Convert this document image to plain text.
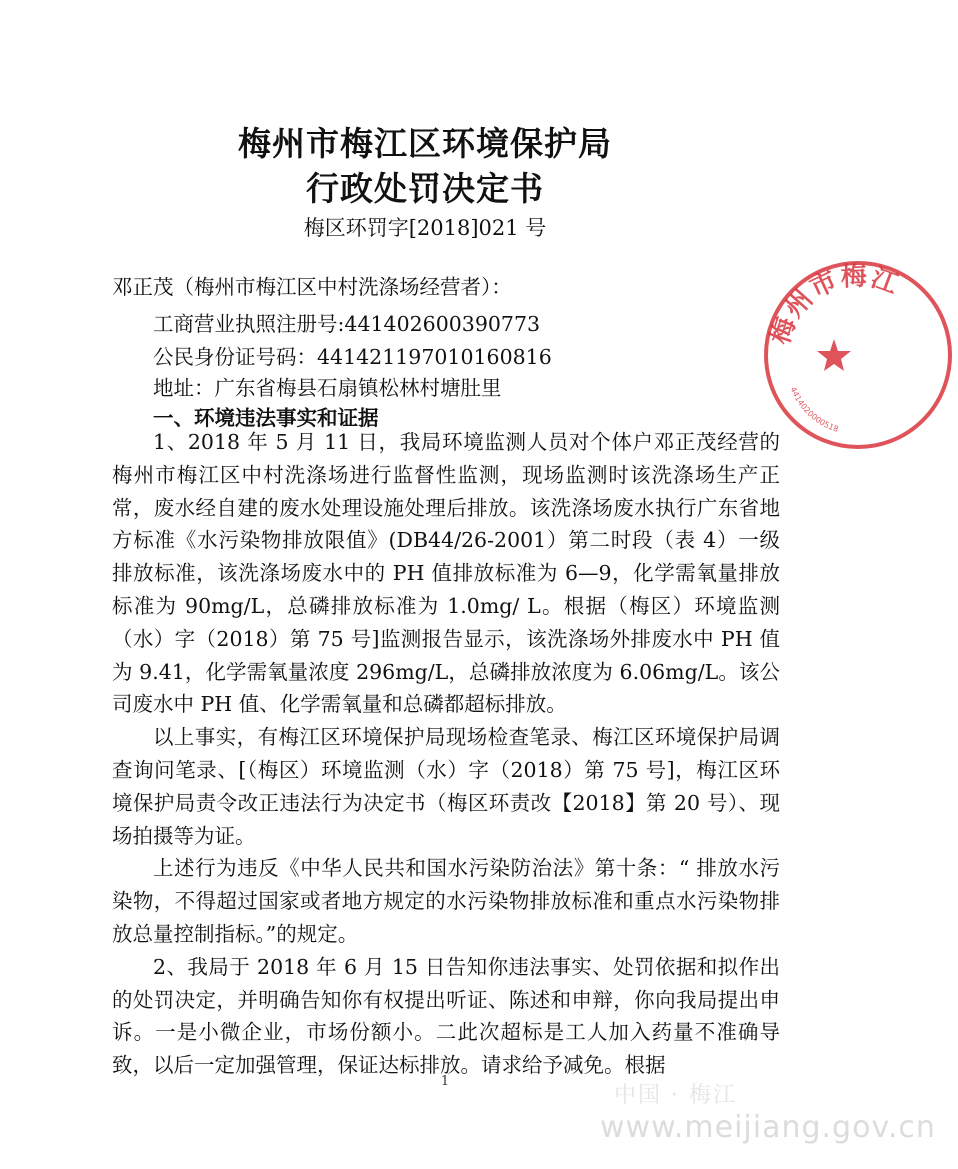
梅州市梅江区环境保护局
行政处罚决定书
梅区环罚字[2018]021 号
邓正茂（梅州市梅江区中村洗涤场经营者）：
工商营业执照注册号:441402600390773
公民身份证号码：441421197010160816
地址：广东省梅县石扇镇松林村塘肚里
一、环境违法事实和证据

1、2018 年 5 月 11 日，我局环境监测人员对个体户邓正茂经营的梅州市梅江区中村洗涤场进行监督性监测，现场监测时该洗涤场生产正常，废水经自建的废水处理设施处理后排放。该洗涤场废水执行广东省地方标准《水污染物排放限值》(DB44/26-2001）第二时段（表 4）一级排放标准，该洗涤场废水中的 PH 值排放标准为 6—9，化学需氧量排放标准为 90mg/L，总磷排放标准为 1.0mg/ L。根据（梅区）环境监测（水）字（2018）第 75 号]监测报告显示，该洗涤场外排废水中 PH 值为 9.41，化学需氧量浓度 296mg/L，总磷排放浓度为 6.06mg/L。该公司废水中 PH 值、化学需氧量和总磷都超标排放。

以上事实，有梅江区环境保护局现场检查笔录、梅江区环境保护局调查询问笔录、[（梅区）环境监测（水）字（2018）第 75 号]，梅江区环境保护局责令改正违法行为决定书（梅区环责改【2018】第 20 号）、现场拍摄等为证。

上述行为违反《中华人民共和国水污染防治法》第十条：“ 排放水污染物，不得超过国家或者地方规定的水污染物排放标准和重点水污染物排放总量控制指标。”的规定。

2、我局于 2018 年 6 月 15 日告知你违法事实、处罚依据和拟作出的处罚决定，并明确告知你有权提出听证、陈述和申辩，你向我局提出申诉。一是小微企业，市场份额小。二此次超标是工人加入药量不准确导致，以后一定加强管理，保证达标排放。请求给予减免。根据

1
梅州市梅江
4414020000518
中国 · 梅江
www.meijiang.gov.cn
